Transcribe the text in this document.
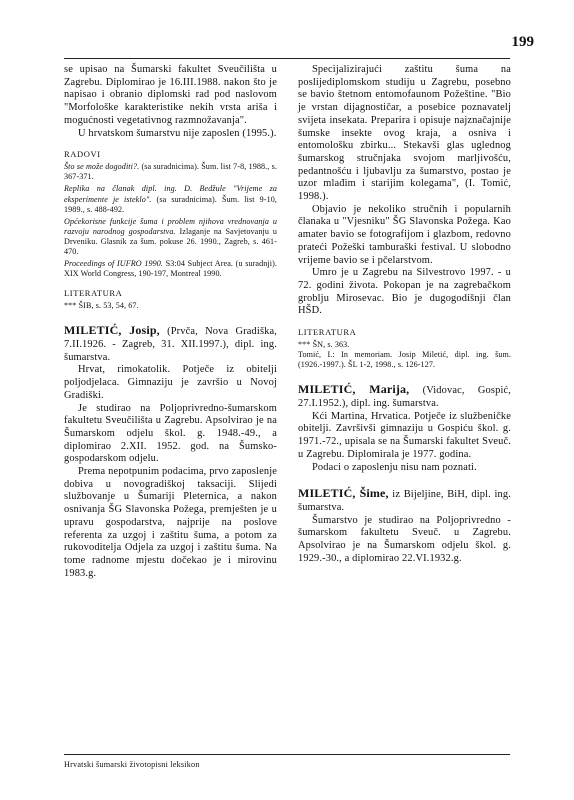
199

se upisao na Šumarski fakultet Sveučilišta u Zagrebu. Diplomirao je 16.III.1988. nakon što je napisao i obranio diplomski rad pod naslovom "Morfološke karakteristike nekih vrsta ariša i mogućnosti vegetativnog razmnožavanja".

U hrvatskom šumarstvu nije zaposlen (1995.).

RADOVI

Što se može dogoditi?. (sa suradnicima). Šum. list 7-8, 1988., s. 367-371.

Replika na članak dipl. ing. D. Bedžule "Vrijeme za eksperimente je isteklo". (sa suradnicima). Šum. list 9-10, 1989., s. 488-492.

Općekorisne funkcije šuma i problem njihova vrednovanja u razvoju narodnog gospodarstva. Izlaganje na Savjetovanju u Drveniku. Glasnik za šum. pokuse 26. 1990., Zagreb, s. 461-470.

Proceedings of IUFRO 1990. S3:04 Subject Area. (u suradnji). XIX World Congress, 190-197, Montreal 1990.

LITERATURA

*** ŠIB, s. 53, 54, 67.

MILETIĆ, Josip, (Prvča, Nova Gradiška, 7.II.1926. - Zagreb, 31. XII.1997.), dipl. ing. šumarstva.

Hrvat, rimokatolik. Potječe iz obitelji poljodjelaca. Gimnaziju je završio u Novoj Gradiški.

Je studirao na Poljoprivredno-šumarskom fakultetu Sveučilišta u Zagrebu. Apsolvirao je na Šumarskom odjelu škol. g. 1948.-49., a diplomirao 2.XII. 1952. god. na Šumsko-gospodarskom odjelu.

Prema nepotpunim podacima, prvo zaposlenje dobiva u novogradiškoj taksaciji. Slijedi službovanje u Šumariji Pleternica, a nakon osnivanja ŠG Slavonska Požega, premješten je u upravu gospodarstva, najprije na poslove referenta za uzgoj i zaštitu šuma, a potom za rukovoditelja Odjela za uzgoj i zaštitu šuma. Na tome radnome mjestu dočekao je i mirovinu 1983.g.

Specijalizirajući zaštitu šuma na poslijediplomskom studiju u Zagrebu, posebno se bavio štetnom entomofaunom Požeštine. "Bio je vrstan dijagnostičar, a posebice poznavatelj svijeta insekata. Preparira i opisuje najznačajnije šumske insekte ovog kraja, a osniva i entomološku zbirku... Stekavši glas uglednog šumarskog stručnjaka svojom marljivošću, pedantnošću i ljubavlju za šumarstvo, postao je uzor mlađim i starijim kolegama", (I. Tomić, 1998.).

Objavio je nekoliko stručnih i popularnih članaka u "Vjesniku" ŠG Slavonska Požega. Kao amater bavio se fotografijom i glazbom, redovno prateći Požeški tamburaški festival. U slobodno vrijeme bavio se i pčelarstvom.

Umro je u Zagrebu na Silvestrovo 1997. - u 72. godini života. Pokopan je na zagrebačkom groblju Mirosevac. Bio je dugogodišnji član HŠD.

LITERATURA

*** ŠN, s. 363.

Tomić, I.: In memoriam. Josip Miletić, dipl. ing. šum. (1926.-1997.). ŠL 1-2, 1998., s. 126-127.

MILETIĆ, Marija, (Vidovac, Gospić, 27.I.1952.), dipl. ing. šumarstva.

Kći Martina, Hrvatica. Potječe iz službeničke obitelji. Završivši gimnaziju u Gospiću škol. g. 1971.-72., upisala se na Šumarski fakultet Sveuč. u Zagrebu. Diplomirala je 1977. godina.

Podaci o zaposlenju nisu nam poznati.

MILETIĆ, Šime, iz Bijeljine, BiH, dipl. ing. šumarstva.

Šumarstvo je studirao na Poljoprivredno - šumarskom fakultetu Sveuč. u Zagrebu. Apsolvirao je na Šumarskom odjelu škol. g. 1929.-30., a diplomirao 22.VI.1932.g.

Hrvatski šumarski životopisni leksikon
